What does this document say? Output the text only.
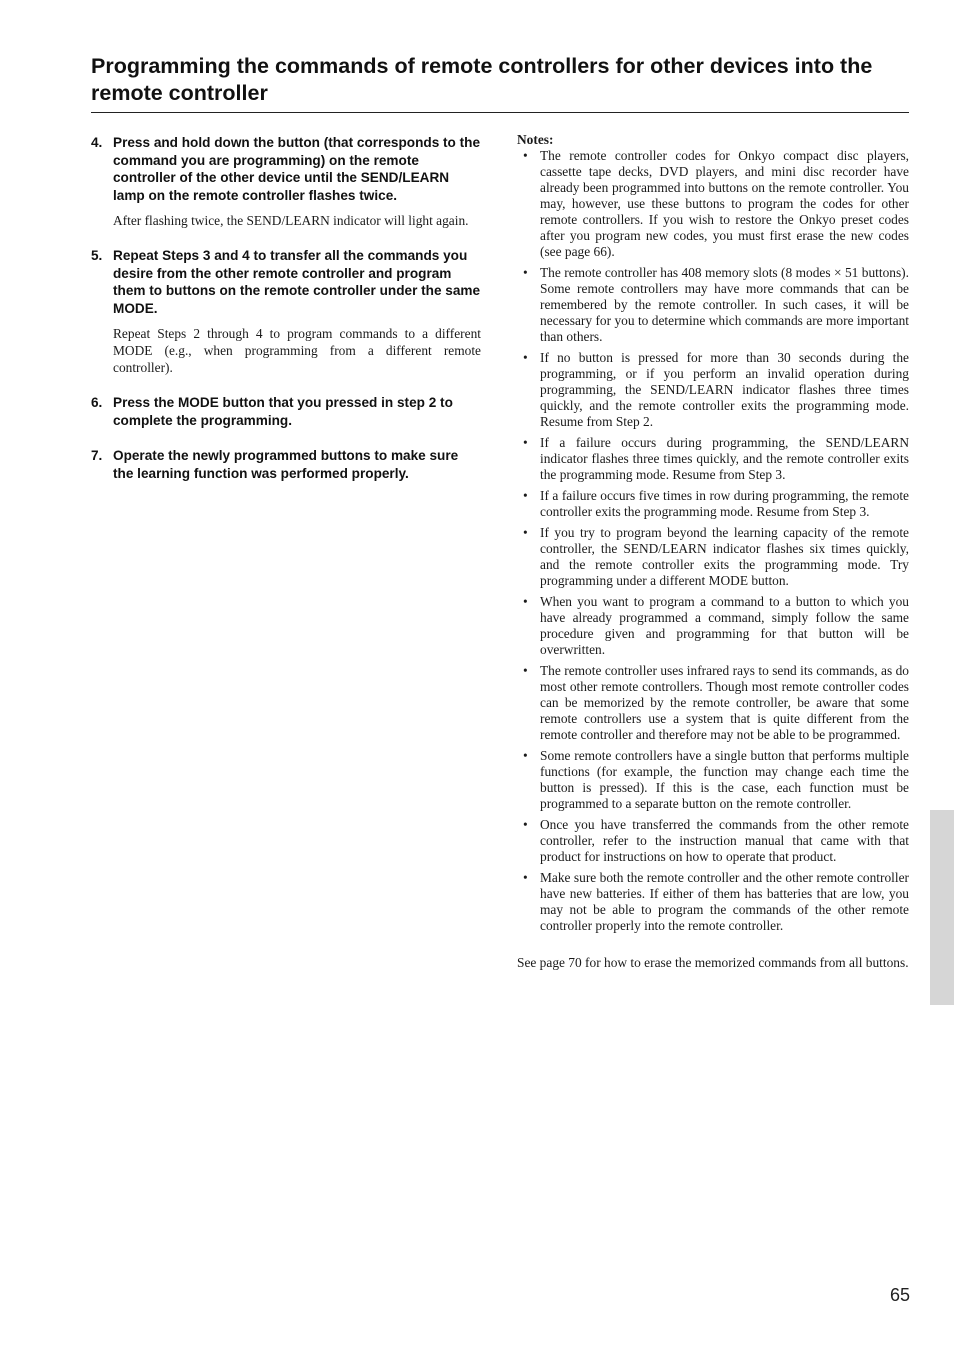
Programming the commands of remote controllers for other devices into the remote controller
4. Press and hold down the button (that corresponds to the command you are programming) on the remote controller of the other device until the SEND/LEARN lamp on the remote controller flashes twice.
After flashing twice, the SEND/LEARN indicator will light again.
5. Repeat Steps 3 and 4 to transfer all the commands you desire from the other remote controller and program them to buttons on the remote controller under the same MODE.
Repeat Steps 2 through 4 to program commands to a different MODE (e.g., when programming from a different remote controller).
6. Press the MODE button that you pressed in step 2 to complete the programming.
7. Operate the newly programmed buttons to make sure the learning function was performed properly.
Notes:
• The remote controller codes for Onkyo compact disc players, cassette tape decks, DVD players, and mini disc recorder have already been programmed into buttons on the remote controller. You may, however, use these buttons to program the codes for other remote controllers. If you wish to restore the Onkyo preset codes after you program new codes, you must first erase the new codes (see page 66).
• The remote controller has 408 memory slots (8 modes × 51 buttons). Some remote controllers may have more commands that can be remembered by the remote controller. In such cases, it will be necessary for you to determine which commands are more important than others.
• If no button is pressed for more than 30 seconds during the programming, or if you perform an invalid operation during programming, the SEND/LEARN indicator flashes three times quickly, and the remote controller exits the programming mode. Resume from Step 2.
• If a failure occurs during programming, the SEND/LEARN indicator flashes three times quickly, and the remote controller exits the programming mode. Resume from Step 3.
• If a failure occurs five times in row during programming, the remote controller exits the programming mode. Resume from Step 3.
• If you try to program beyond the learning capacity of the remote controller, the SEND/LEARN indicator flashes six times quickly, and the remote controller exits the programming mode. Try programming under a different MODE button.
• When you want to program a command to a button to which you have already programmed a command, simply follow the same procedure given and programming for that button will be overwritten.
• The remote controller uses infrared rays to send its commands, as do most other remote controllers. Though most remote controller codes can be memorized by the remote controller, be aware that some remote controllers use a system that is quite different from the remote controller and therefore may not be able to be programmed.
• Some remote controllers have a single button that performs multiple functions (for example, the function may change each time the button is pressed). If this is the case, each function must be programmed to a separate button on the remote controller.
• Once you have transferred the commands from the other remote controller, refer to the instruction manual that came with that product for instructions on how to operate that product.
• Make sure both the remote controller and the other remote controller have new batteries. If either of them has batteries that are low, you may not be able to program the commands of the other remote controller properly into the remote controller.
See page 70 for how to erase the memorized commands from all buttons.
65
